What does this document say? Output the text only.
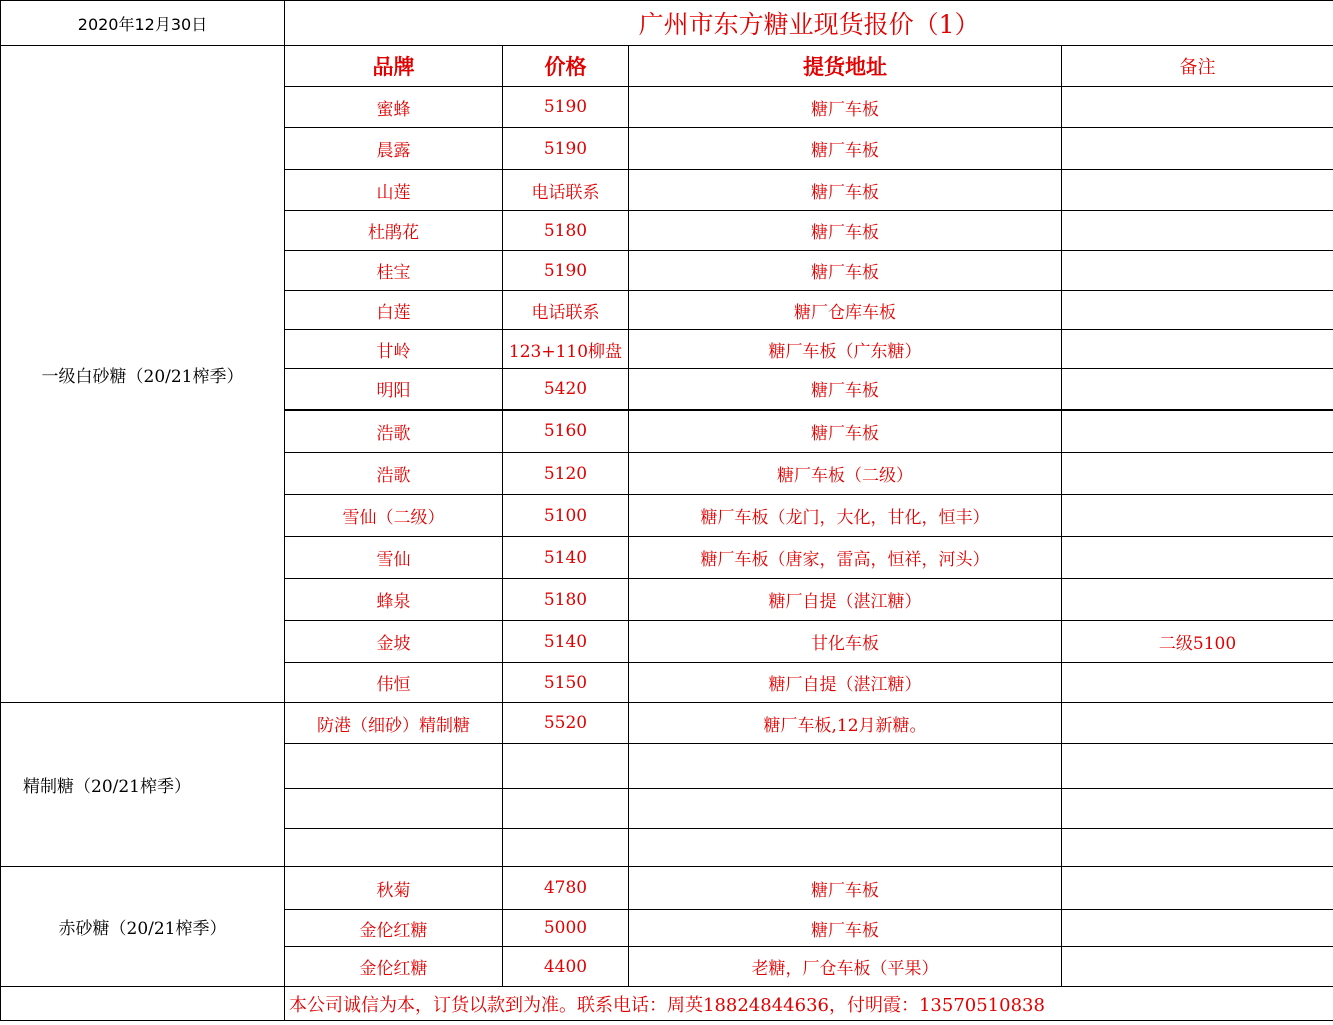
2020年12月30日	广州市东方糖业现货报价（1）			
一级白砂糖（20/21榨季）	品牌	价格	提货地址	备注
	蜜蜂	5190	糖厂车板	
	晨露	5190	糖厂车板	
	山莲	电话联系	糖厂车板	
	杜鹃花	5180	糖厂车板	
	桂宝	5190	糖厂车板	
	白莲	电话联系	糖厂仓库车板	
	甘岭	123+110柳盘	糖厂车板（广东糖）	
	明阳	5420	糖厂车板	
	浩歌	5160	糖厂车板	
	浩歌	5120	糖厂车板（二级）	
	雪仙（二级）	5100	糖厂车板（龙门，大化，甘化，恒丰）	
	雪仙	5140	糖厂车板（唐家，雷高，恒祥，河头）	
	蜂泉	5180	糖厂自提（湛江糖）	
	金坡	5140	甘化车板	二级5100
	伟恒	5150	糖厂自提（湛江糖）	
精制糖（20/21榨季）	防港（细砂）精制糖	5520	糖厂车板,12月新糖。	

赤砂糖（20/21榨季）	秋菊	4780	糖厂车板	
	金伦红糖	5000	糖厂车板	
	金伦红糖	4400	老糖，厂仓车板（平果）	
	本公司诚信为本，订货以款到为准。联系电话：周英18824844636，付明霞：13570510838			
